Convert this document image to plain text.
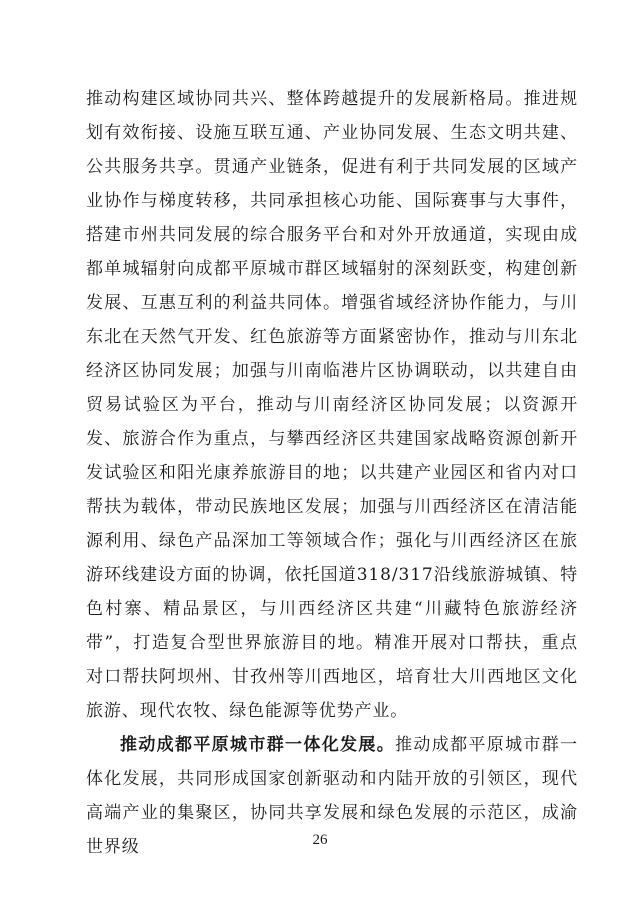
推动构建区域协同共兴、整体跨越提升的发展新格局。推进规划有效衔接、设施互联互通、产业协同发展、生态文明共建、公共服务共享。贯通产业链条，促进有利于共同发展的区域产业协作与梯度转移，共同承担核心功能、国际赛事与大事件，搭建市州共同发展的综合服务平台和对外开放通道，实现由成都单城辐射向成都平原城市群区域辐射的深刻跃变，构建创新发展、互惠互利的利益共同体。增强省域经济协作能力，与川东北在天然气开发、红色旅游等方面紧密协作，推动与川东北经济区协同发展；加强与川南临港片区协调联动，以共建自由贸易试验区为平台，推动与川南经济区协同发展；以资源开发、旅游合作为重点，与攀西经济区共建国家战略资源创新开发试验区和阳光康养旅游目的地；以共建产业园区和省内对口帮扶为载体，带动民族地区发展；加强与川西经济区在清洁能源利用、绿色产品深加工等领域合作；强化与川西经济区在旅游环线建设方面的协调，依托国道318/317沿线旅游城镇、特色村寨、精品景区，与川西经济区共建“川藏特色旅游经济带”，打造复合型世界旅游目的地。精准开展对口帮扶，重点对口帮扶阿坝州、甘孜州等川西地区，培育壮大川西地区文化旅游、现代农牧、绿色能源等优势产业。

推动成都平原城市群一体化发展。推动成都平原城市群一体化发展，共同形成国家创新驱动和内陆开放的引领区，现代高端产业的集聚区，协同共享发展和绿色发展的示范区，成渝世界级	26
